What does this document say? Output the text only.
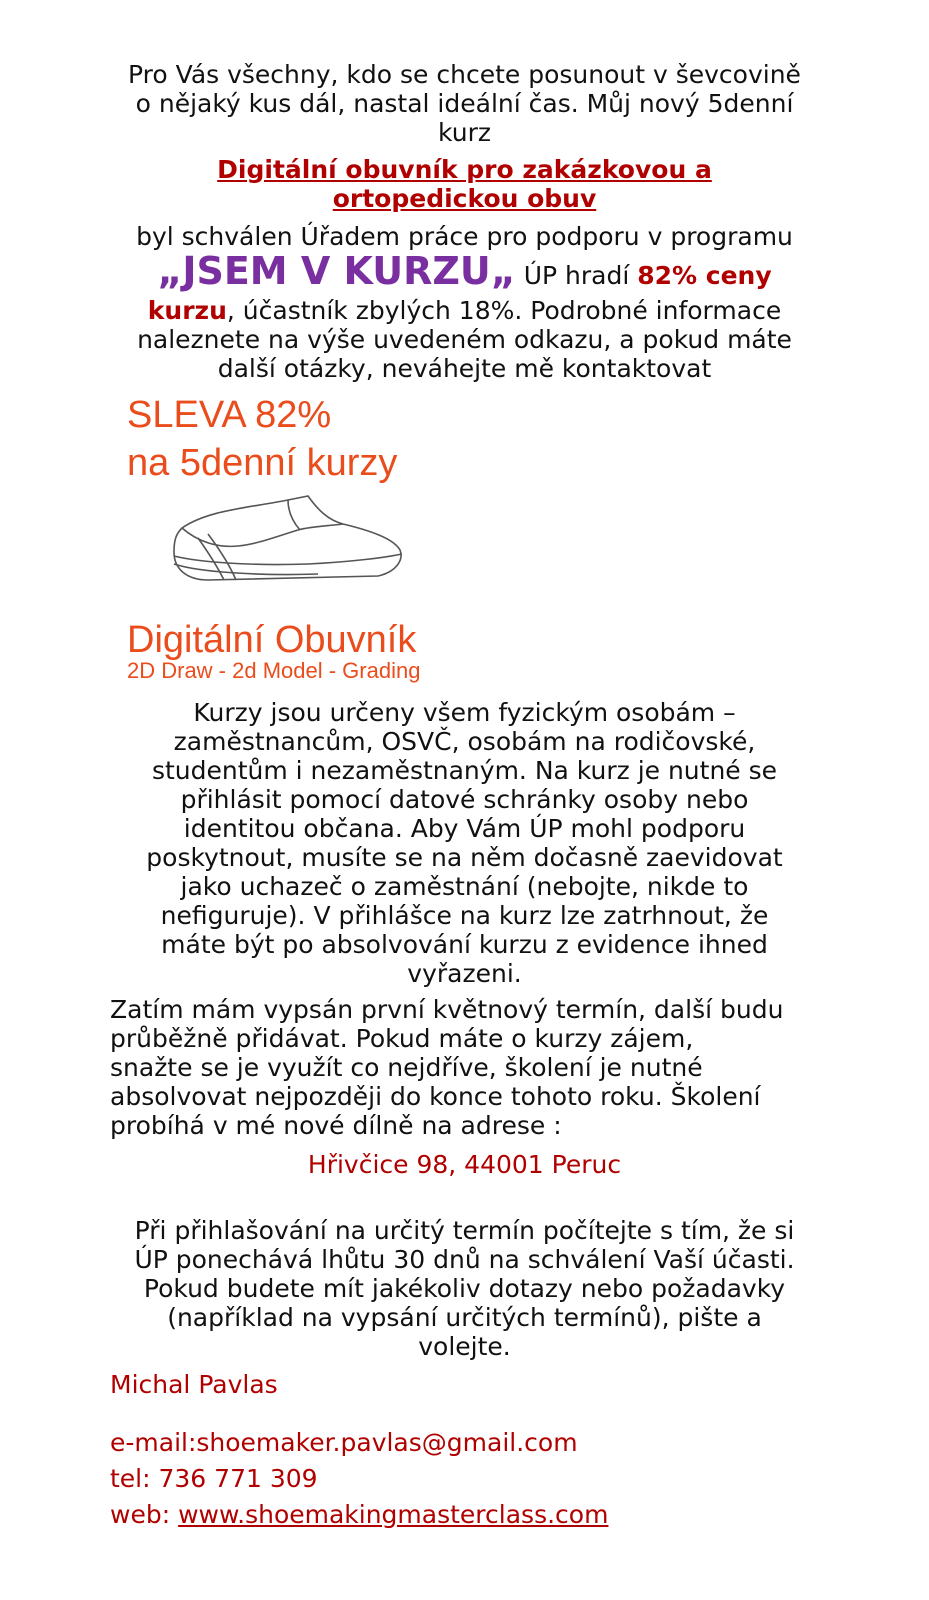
Pro Vás všechny, kdo se chcete posunout v ševcovině
o nějaký kus dál, nastal ideální čas. Můj nový 5denní
kurz
Digitální obuvník pro zakázkovou a
ortopedickou obuv
byl schválen Úřadem práce pro podporu v programu
„JSEM V KURZU„ ÚP hradí 82% ceny
kurzu, účastník zbylých 18%. Podrobné informace
naleznete na výše uvedeném odkazu, a pokud máte
další otázky, neváhejte mě kontaktovat
SLEVA 82%
na 5denní kurzy
Digitální Obuvník
2D Draw - 2d Model - Grading
Kurzy jsou určeny všem fyzickým osobám –
zaměstnancům, OSVČ, osobám na rodičovské,
studentům i nezaměstnaným. Na kurz je nutné se
přihlásit pomocí datové schránky osoby nebo
identitou občana. Aby Vám ÚP mohl podporu
poskytnout, musíte se na něm dočasně zaevidovat
jako uchazeč o zaměstnání (nebojte, nikde to
nefiguruje). V přihlášce na kurz lze zatrhnout, že
máte být po absolvování kurzu z evidence ihned
vyřazeni.
Zatím mám vypsán první květnový termín, další budu
průběžně přidávat. Pokud máte o kurzy zájem,
snažte se je využít co nejdříve, školení je nutné
absolvovat nejpozději do konce tohoto roku. Školení
probíhá v mé nové dílně na adrese :
Hřivčice 98, 44001 Peruc
Při přihlašování na určitý termín počítejte s tím, že si
ÚP ponechává lhůtu 30 dnů na schválení Vaší účasti.
Pokud budete mít jakékoliv dotazy nebo požadavky
(například na vypsání určitých termínů), pište a
volejte.
Michal Pavlas
e-mail:shoemaker.pavlas@gmail.com
tel: 736 771 309
web: www.shoemakingmasterclass.com
